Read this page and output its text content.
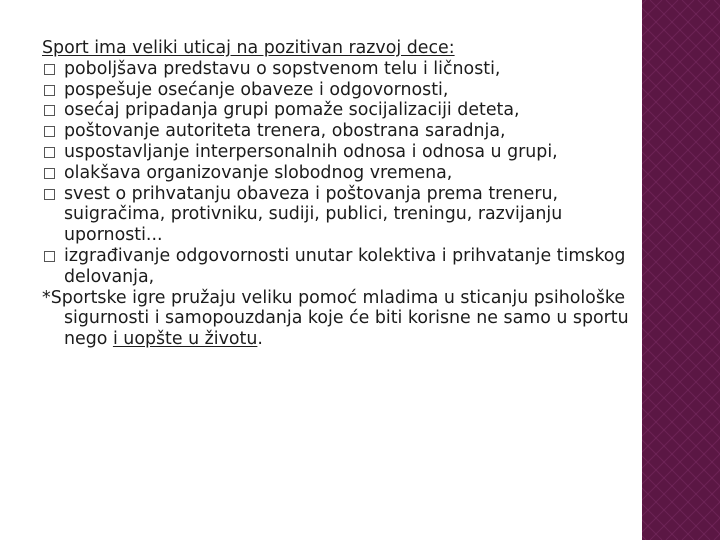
Sport ima veliki uticaj na pozitivan razvoj dece:
poboljšava predstavu o sopstvenom telu i ličnosti,
pospešuje osećanje obaveze i odgovornosti,
osećaj pripadanja grupi pomaže socijalizaciji deteta,
poštovanje autoriteta trenera, obostrana saradnja,
uspostavljanje interpersonalnih odnosa i odnosa u grupi,
olakšava organizovanje slobodnog vremena,
svest o prihvatanju obaveza i poštovanja prema treneru, suigračima, protivniku, sudiji, publici, treningu, razvijanju upornosti...
izgrađivanje odgovornosti unutar kolektiva i prihvatanje timskog delovanja,
*Sportske igre pružaju veliku pomoć mladima u sticanju psihološke sigurnosti i samopouzdanja koje će biti korisne ne samo u sportu nego i uopšte u životu.
